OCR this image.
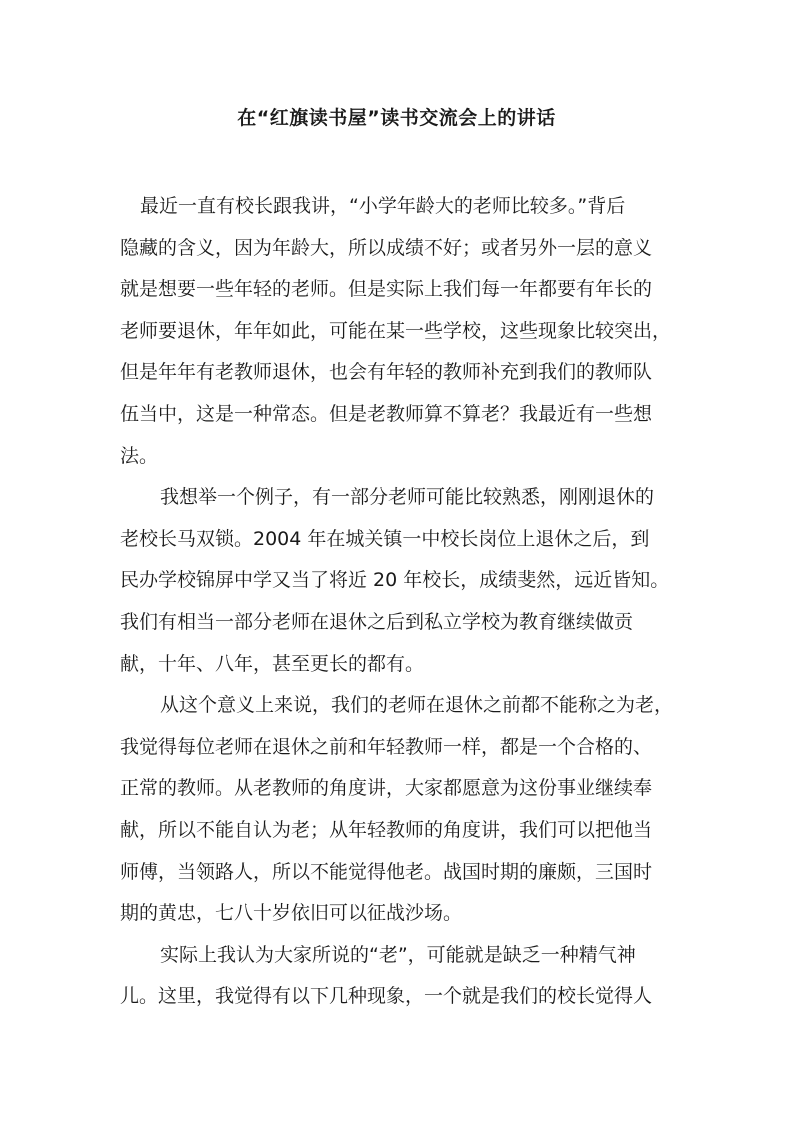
在“红旗读书屋”读书交流会上的讲话
最近一直有校长跟我讲，“小学年龄大的老师比较多。”背后
隐藏的含义，因为年龄大，所以成绩不好；或者另外一层的意义
就是想要一些年轻的老师。但是实际上我们每一年都要有年长的
老师要退休，年年如此，可能在某一些学校，这些现象比较突出，
但是年年有老教师退休，也会有年轻的教师补充到我们的教师队
伍当中，这是一种常态。但是老教师算不算老？我最近有一些想
法。
我想举一个例子，有一部分老师可能比较熟悉，刚刚退休的
老校长马双锁。2004 年在城关镇一中校长岗位上退休之后，到
民办学校锦屏中学又当了将近 20 年校长，成绩斐然，远近皆知。
我们有相当一部分老师在退休之后到私立学校为教育继续做贡
献，十年、八年，甚至更长的都有。
从这个意义上来说，我们的老师在退休之前都不能称之为老，
我觉得每位老师在退休之前和年轻教师一样，都是一个合格的、
正常的教师。从老教师的角度讲，大家都愿意为这份事业继续奉
献，所以不能自认为老；从年轻教师的角度讲，我们可以把他当
师傅，当领路人，所以不能觉得他老。战国时期的廉颇，三国时
期的黄忠，七八十岁依旧可以征战沙场。
实际上我认为大家所说的“老”，可能就是缺乏一种精气神
儿。这里，我觉得有以下几种现象，一个就是我们的校长觉得人
